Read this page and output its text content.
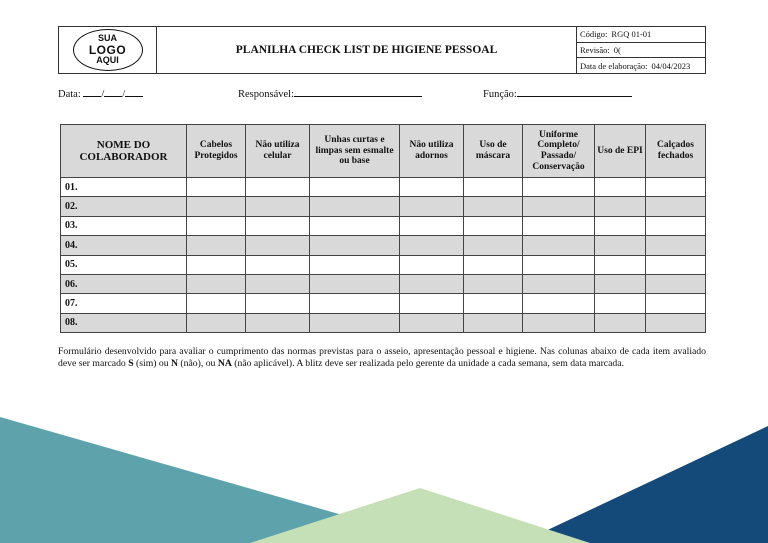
SUA
LOGO
AQUI
PLANILHA CHECK LIST DE HIGIENE PESSOAL
Código: RGQ 01-01
Revisão: 0(
Data de elaboração: 04/04/2023
Data: / /	Responsável:	Função:
NOME DO COLABORADOR	Cabelos Protegidos	Não utiliza celular	Unhas curtas e limpas sem esmalte ou base	Não utiliza adornos	Uso de máscara	Uniforme Completo/ Passado/ Conservação	Uso de EPI	Calçados fechados
01.								
02.								
03.								
04.								
05.								
06.								
07.								
08.								

Formulário desenvolvido para avaliar o cumprimento das normas previstas para o asseio, apresentação pessoal e higiene. Nas colunas abaixo de cada item avaliado deve ser marcado S (sim) ou N (não), ou NA (não aplicável). A blitz deve ser realizada pelo gerente da unidade a cada semana, sem data marcada.
